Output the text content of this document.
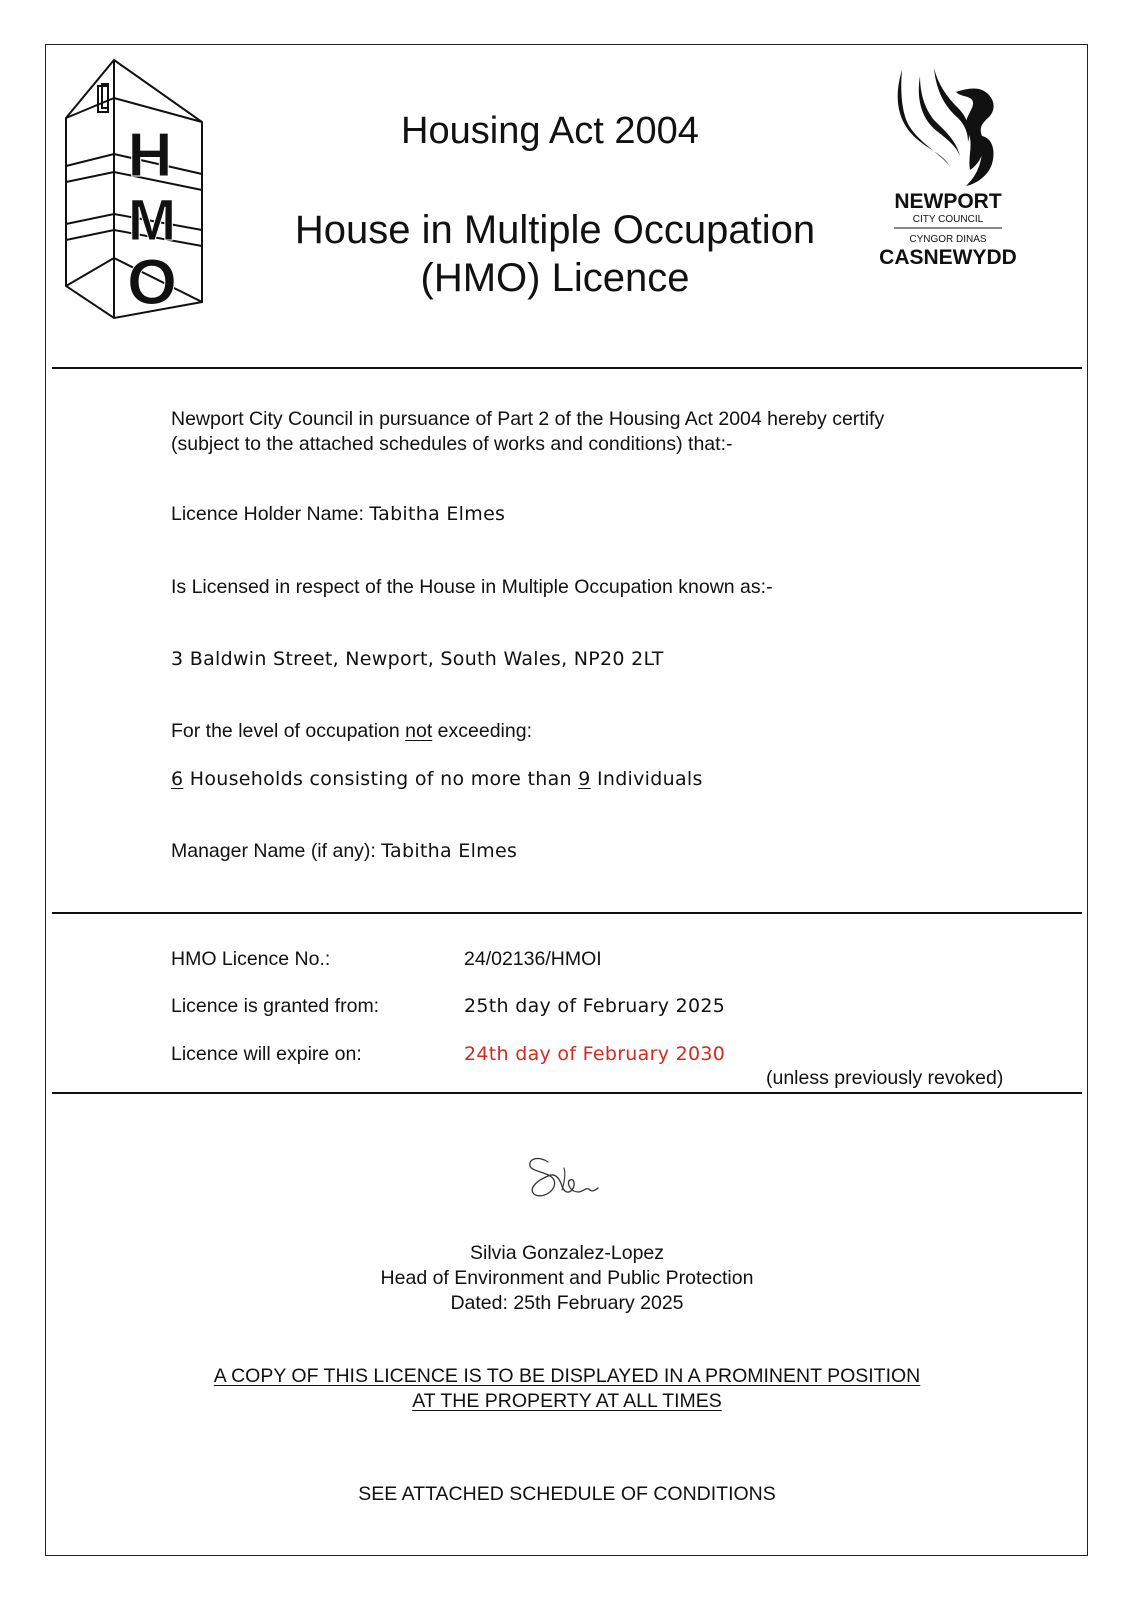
H
M
O
Housing Act 2004
House in Multiple Occupation
(HMO) Licence
NEWPORT
CITY COUNCIL
CYNGOR DINAS
CASNEWYDD
Newport City Council in pursuance of Part 2 of the Housing Act 2004 hereby certify
(subject to the attached schedules of works and conditions) that:-
Licence Holder Name: Tabitha Elmes
Is Licensed in respect of the House in Multiple Occupation known as:-
3 Baldwin Street, Newport, South Wales, NP20 2LT
For the level of occupation not exceeding:
6 Households consisting of no more than 9 Individuals
Manager Name (if any): Tabitha Elmes
HMO Licence No.:	24/02136/HMOI
Licence is granted from:	25th day of February 2025
Licence will expire on:	24th day of February 2030
(unless previously revoked)
Silvia Gonzalez-Lopez
Head of Environment and Public Protection
Dated: 25th February 2025
A COPY OF THIS LICENCE IS TO BE DISPLAYED IN A PROMINENT POSITION
AT THE PROPERTY AT ALL TIMES
SEE ATTACHED SCHEDULE OF CONDITIONS
